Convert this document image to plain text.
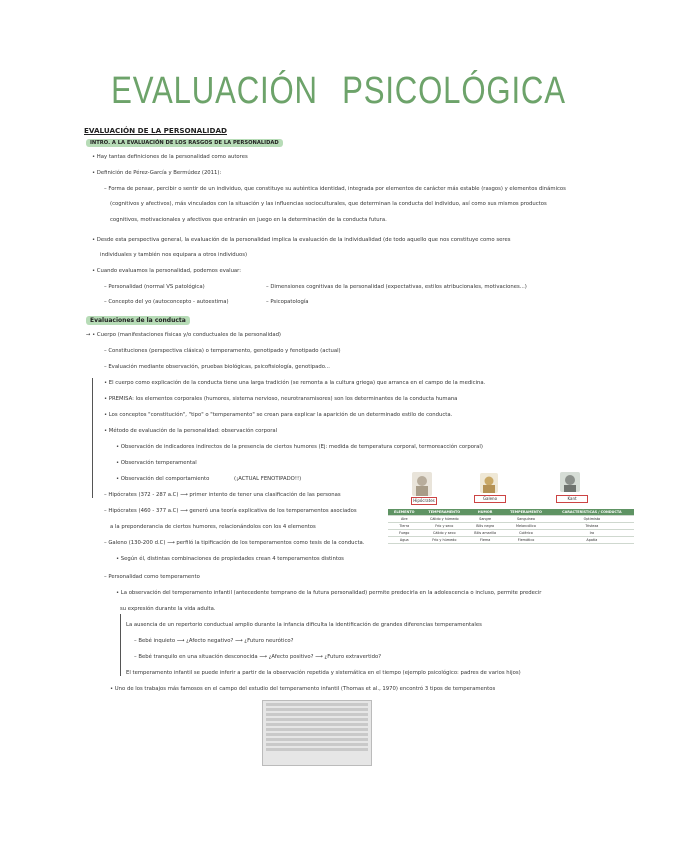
EVALUACIÓN PSICOLÓGICA
EVALUACIÓN DE LA PERSONALIDAD
INTRO. A LA EVALUACIÓN DE LOS RASGOS DE LA PERSONALIDAD
• Hay tantas definiciones de la personalidad como autores
• Definición de Pérez-García y Bermúdez (2011):
– Forma de pensar, percibir o sentir de un individuo, que constituye su auténtica identidad, integrada por elementos de carácter más estable (rasgos) y elementos dinámicos
(cognitivos y afectivos), más vinculados con la situación y las influencias socioculturales, que determinan la conducta del individuo, así como sus mismos productos
cognitivos, motivacionales y afectivos que entrarán en juego en la determinación de la conducta futura.
• Desde esta perspectiva general, la evaluación de la personalidad implica la evaluación de la individualidad (de todo aquello que nos constituye como seres
individuales y también nos equipara a otros individuos)
• Cuando evaluamos la personalidad, podemos evaluar:
– Personalidad (normal VS patológica)	– Dimensiones cognitivas de la personalidad (expectativas, estilos atribucionales, motivaciones...)
– Concepto del yo (autoconcepto - autoestima)	– Psicopatología
Evaluaciones de la conducta
→ • Cuerpo (manifestaciones físicas y/o conductuales de la personalidad)
– Constituciones (perspectiva clásica) o temperamento, genotipado y fenotipado (actual)
– Evaluación mediante observación, pruebas biológicas, psicofisiología, genotipado...
• El cuerpo como explicación de la conducta tiene una larga tradición (se remonta a la cultura griega) que arranca en el campo de la medicina.
• PREMISA: los elementos corporales (humores, sistema nervioso, neurotransmisores) son los determinantes de la conducta humana
• Los conceptos "constitución", "tipo" o "temperamento" se crean para explicar la aparición de un determinado estilo de conducta.
• Método de evaluación de la personalidad: observación corporal
• Observación de indicadores indirectos de la presencia de ciertos humores (Ej: medida de temperatura corporal, termoreacción corporal)
• Observación temperamental
• Observación del comportamiento	(¡ACTUAL FENOTIPADO!!)
– Hipócrates (372 - 287 a.C) ⟶ primer intento de tener una clasificación de las personas
– Hipócrates (460 - 377 a.C) ⟶ generó una teoría explicativa de los temperamentos asociados
a la preponderancia de ciertos humores, relacionándolos con los 4 elementos
– Galeno (130-200 d.C) ⟶ perfiló la tipificación de los temperamentos como tesis de la conducta.
• Según él, distintas combinaciones de propiedades crean 4 temperamentos distintos
– Personalidad como temperamento
• La observación del temperamento infantil (antecedente temprano de la futura personalidad) permite predecirla en la adolescencia o incluso, permite predecir
su expresión durante la vida adulta.
La ausencia de un repertorio conductual amplio durante la infancia dificulta la identificación de grandes diferencias temperamentales
– Bebé inquieto ⟶ ¿Afecto negativo? ⟶ ¿Futuro neurótico?
– Bebé tranquilo en una situación desconocida ⟶ ¿Afecto positivo? ⟶ ¿Futuro extravertido?
El temperamento infantil se puede inferir a partir de la observación repetida y sistemática en el tiempo (ejemplo psicológico: padres de varios hijos)
• Uno de los trabajos más famosos en el campo del estudio del temperamento infantil (Thomas et al., 1970) encontró 3 tipos de temperamentos
Hipócrates	Galeno	Kant
ELEMENTO	TEMPERAMENTO	HUMOR	TEMPERAMENTO	CARACTERÍSTICAS / CONDUCTA
Aire	Cálido y húmedo	Sangre	Sanguíneo	Optimista
Tierra	Frío y seco	Bilis negra	Melancólico	Tristeza
Fuego	Cálido y seco	Bilis amarilla	Colérico	Ira
Agua	Frío y húmedo	Flema	Flemático	Apatía
